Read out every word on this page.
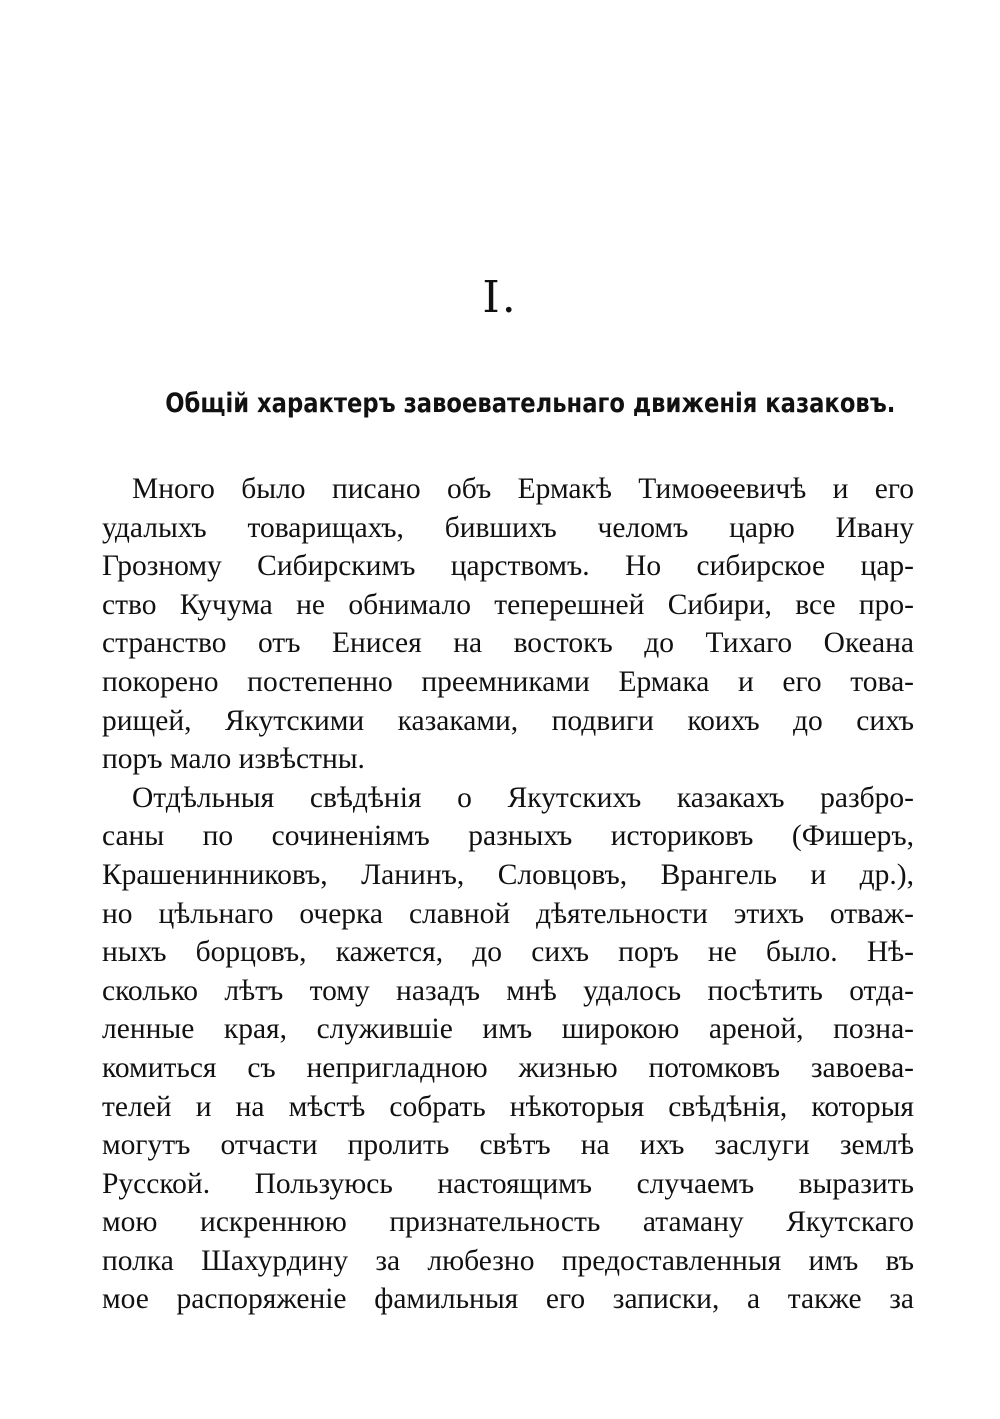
I.
Общій характеръ завоевательнаго движенія казаковъ.
Много было писано объ Ермакѣ Тимоѳеевичѣ и его
удалыхъ товарищахъ, бившихъ челомъ царю Ивану
Грозному Сибирскимъ царствомъ. Но сибирское цар-
ство Кучума не обнимало теперешней Сибири, все про-
странство отъ Енисея на востокъ до Тихаго Океана
покорено постепенно преемниками Ермака и его това-
рищей, Якутскими казаками, подвиги коихъ до сихъ
поръ мало извѣстны.
Отдѣльныя свѣдѣнія о Якутскихъ казакахъ разбро-
саны по сочиненіямъ разныхъ историковъ (Фишеръ,
Крашенинниковъ, Ланинъ, Словцовъ, Врангель и др.),
но цѣльнаго очерка славной дѣятельности этихъ отваж-
ныхъ борцовъ, кажется, до сихъ поръ не было. Нѣ-
сколько лѣтъ тому назадъ мнѣ удалось посѣтить отда-
ленные края, служившіе имъ широкою ареной, позна-
комиться съ непригладною жизнью потомковъ завоева-
телей и на мѣстѣ собрать нѣкоторыя свѣдѣнія, которыя
могутъ отчасти пролить свѣтъ на ихъ заслуги землѣ
Русской. Пользуюсь настоящимъ случаемъ выразить
мою искреннюю признательность атаману Якутскаго
полка Шахурдину за любезно предоставленныя имъ въ
мое распоряженіе фамильныя его записки, а также за
